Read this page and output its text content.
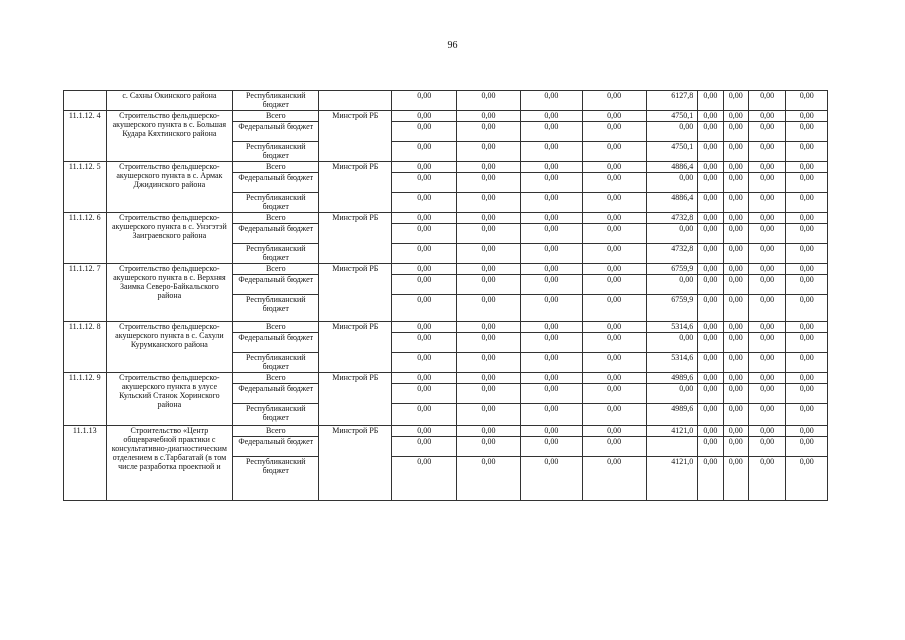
96
	с. Сахны Окинского района	Республиканский бюджет		0,00	0,00	0,00	0,00	6127,8	0,00	0,00	0,00	0,00
11.1.12. 4	Строительство фельдшерско-акушерского пункта в с. Большая Кудара Кяхтинского района	Всего	Минстрой РБ	0,00	0,00	0,00	0,00	4750,1	0,00	0,00	0,00	0,00
		Федеральный бюджет		0,00	0,00	0,00	0,00	0,00	0,00	0,00	0,00	0,00
		Республиканский бюджет		0,00	0,00	0,00	0,00	4750,1	0,00	0,00	0,00	0,00
11.1.12. 5	Строительство фельдшерско-акушерского пункта в с. Армак Джидинского района	Всего	Минстрой РБ	0,00	0,00	0,00	0,00	4886,4	0,00	0,00	0,00	0,00
		Федеральный бюджет		0,00	0,00	0,00	0,00	0,00	0,00	0,00	0,00	0,00
		Республиканский бюджет		0,00	0,00	0,00	0,00	4886,4	0,00	0,00	0,00	0,00
11.1.12. 6	Строительство фельдшерско-акушерского пункта в с. Унэгэтэй Заиграевского района	Всего	Минстрой РБ	0,00	0,00	0,00	0,00	4732,8	0,00	0,00	0,00	0,00
		Федеральный бюджет		0,00	0,00	0,00	0,00	0,00	0,00	0,00	0,00	0,00
		Республиканский бюджет		0,00	0,00	0,00	0,00	4732,8	0,00	0,00	0,00	0,00
11.1.12. 7	Строительство фельдшерско-акушерского пункта в с. Верхняя Заимка Северо-Байкальского района	Всего	Минстрой РБ	0,00	0,00	0,00	0,00	6759,9	0,00	0,00	0,00	0,00
		Федеральный бюджет		0,00	0,00	0,00	0,00	0,00	0,00	0,00	0,00	0,00
		Республиканский бюджет		0,00	0,00	0,00	0,00	6759,9	0,00	0,00	0,00	0,00
11.1.12. 8	Строительство фельдшерско-акушерского пункта в с. Сахули Курумканского района	Всего	Минстрой РБ	0,00	0,00	0,00	0,00	5314,6	0,00	0,00	0,00	0,00
		Федеральный бюджет		0,00	0,00	0,00	0,00	0,00	0,00	0,00	0,00	0,00
		Республиканский бюджет		0,00	0,00	0,00	0,00	5314,6	0,00	0,00	0,00	0,00
11.1.12. 9	Строительство фельдшерско-акушерского пункта в улусе Кульский Станок Хоринского района	Всего	Минстрой РБ	0,00	0,00	0,00	0,00	4989,6	0,00	0,00	0,00	0,00
		Федеральный бюджет		0,00	0,00	0,00	0,00	0,00	0,00	0,00	0,00	0,00
		Республиканский бюджет		0,00	0,00	0,00	0,00	4989,6	0,00	0,00	0,00	0,00
11.1.13	Строительство «Центр общеврачебной практики с консультативно-диагностическим отделением в с.Тарбагатай (в том числе разработка проектной и	Всего	Минстрой РБ	0,00	0,00	0,00	0,00	4121,0	0,00	0,00	0,00	0,00
		Федеральный бюджет		0,00	0,00	0,00	0,00		0,00	0,00	0,00	0,00
		Республиканский бюджет		0,00	0,00	0,00	0,00	4121,0	0,00	0,00	0,00	0,00
